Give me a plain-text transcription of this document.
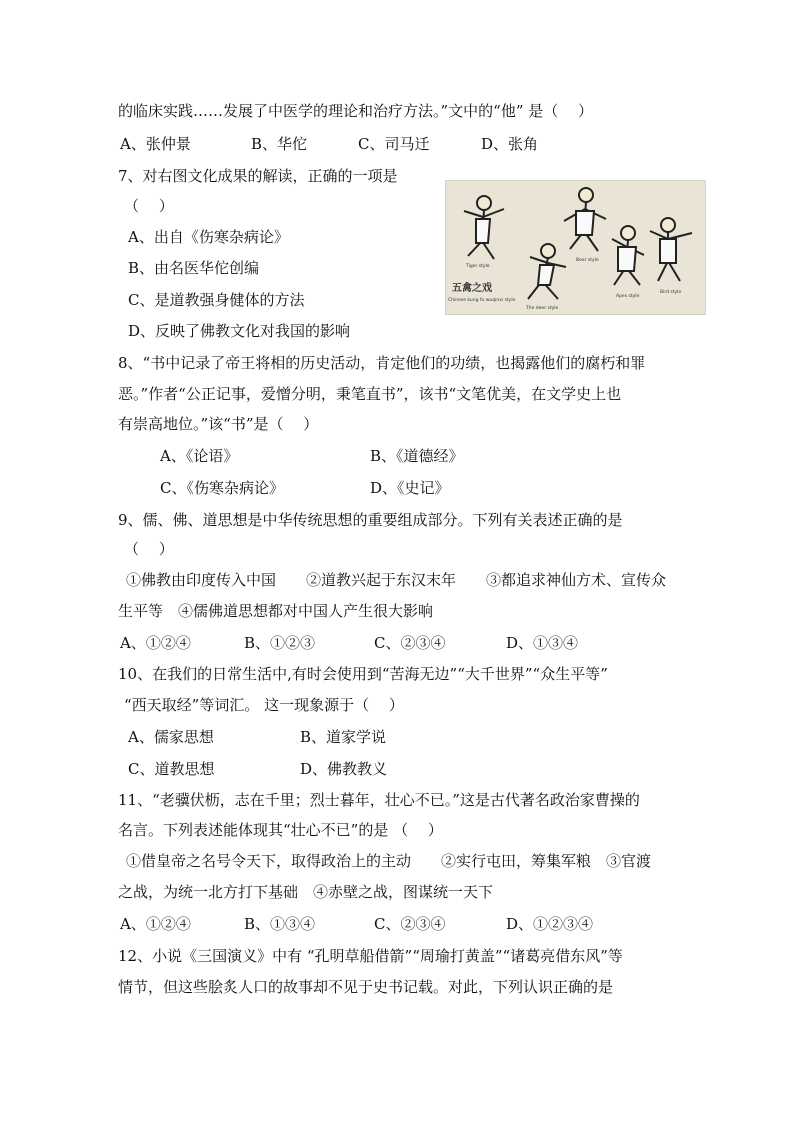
的临床实践……发展了中医学的理论和治疗方法。”文中的“他” 是（　 ）
A、张仲景	B、华佗	C、司马迁	D、张角
7、对右图文化成果的解读，正确的一项是
（　 ）
A、出自《伤寒杂病论》
B、由名医华佗创编
C、是道教强身健体的方法
D、反映了佛教文化对我国的影响
五禽之戏
Chinese kung fu wuqinxi style
Tiger style
The deer style
Bear style
Apes style
Bird style
8、“书中记录了帝王将相的历史活动，肯定他们的功绩，也揭露他们的腐朽和罪
恶。”作者“公正记事，爱憎分明，秉笔直书”，该书“文笔优美，在文学史上也
有崇高地位。”该“书”是（　 ）
A、《论语》	B、《道德经》
C、《伤寒杂病论》	D、《史记》
9、儒、佛、道思想是中华传统思想的重要组成部分。下列有关表述正确的是
（　 ）
①佛教由印度传入中国　　②道教兴起于东汉末年　　③都追求神仙方术、宣传众
生平等　④儒佛道思想都对中国人产生很大影响
A、①②④	B、①②③	C、②③④	D、①③④
10、在我们的日常生活中,有时会使用到“苦海无边”“大千世界”“众生平等”
“西天取经”等词汇。 这一现象源于（　 ）
A、儒家思想	B、道家学说
C、道教思想	D、佛教教义
11、“老骥伏枥，志在千里；烈士暮年，壮心不已。”这是古代著名政治家曹操的
名言。下列表述能体现其“壮心不已”的是 （　 ）
①借皇帝之名号令天下，取得政治上的主动　　②实行屯田，筹集军粮　③官渡
之战，为统一北方打下基础　④赤壁之战，图谋统一天下
A、①②④	B、①③④	C、②③④	D、①②③④
12、小说《三国演义》中有 “孔明草船借箭”“周瑜打黄盖”“诸葛亮借东风”等
情节，但这些脍炙人口的故事却不见于史书记载。对此，下列认识正确的是
